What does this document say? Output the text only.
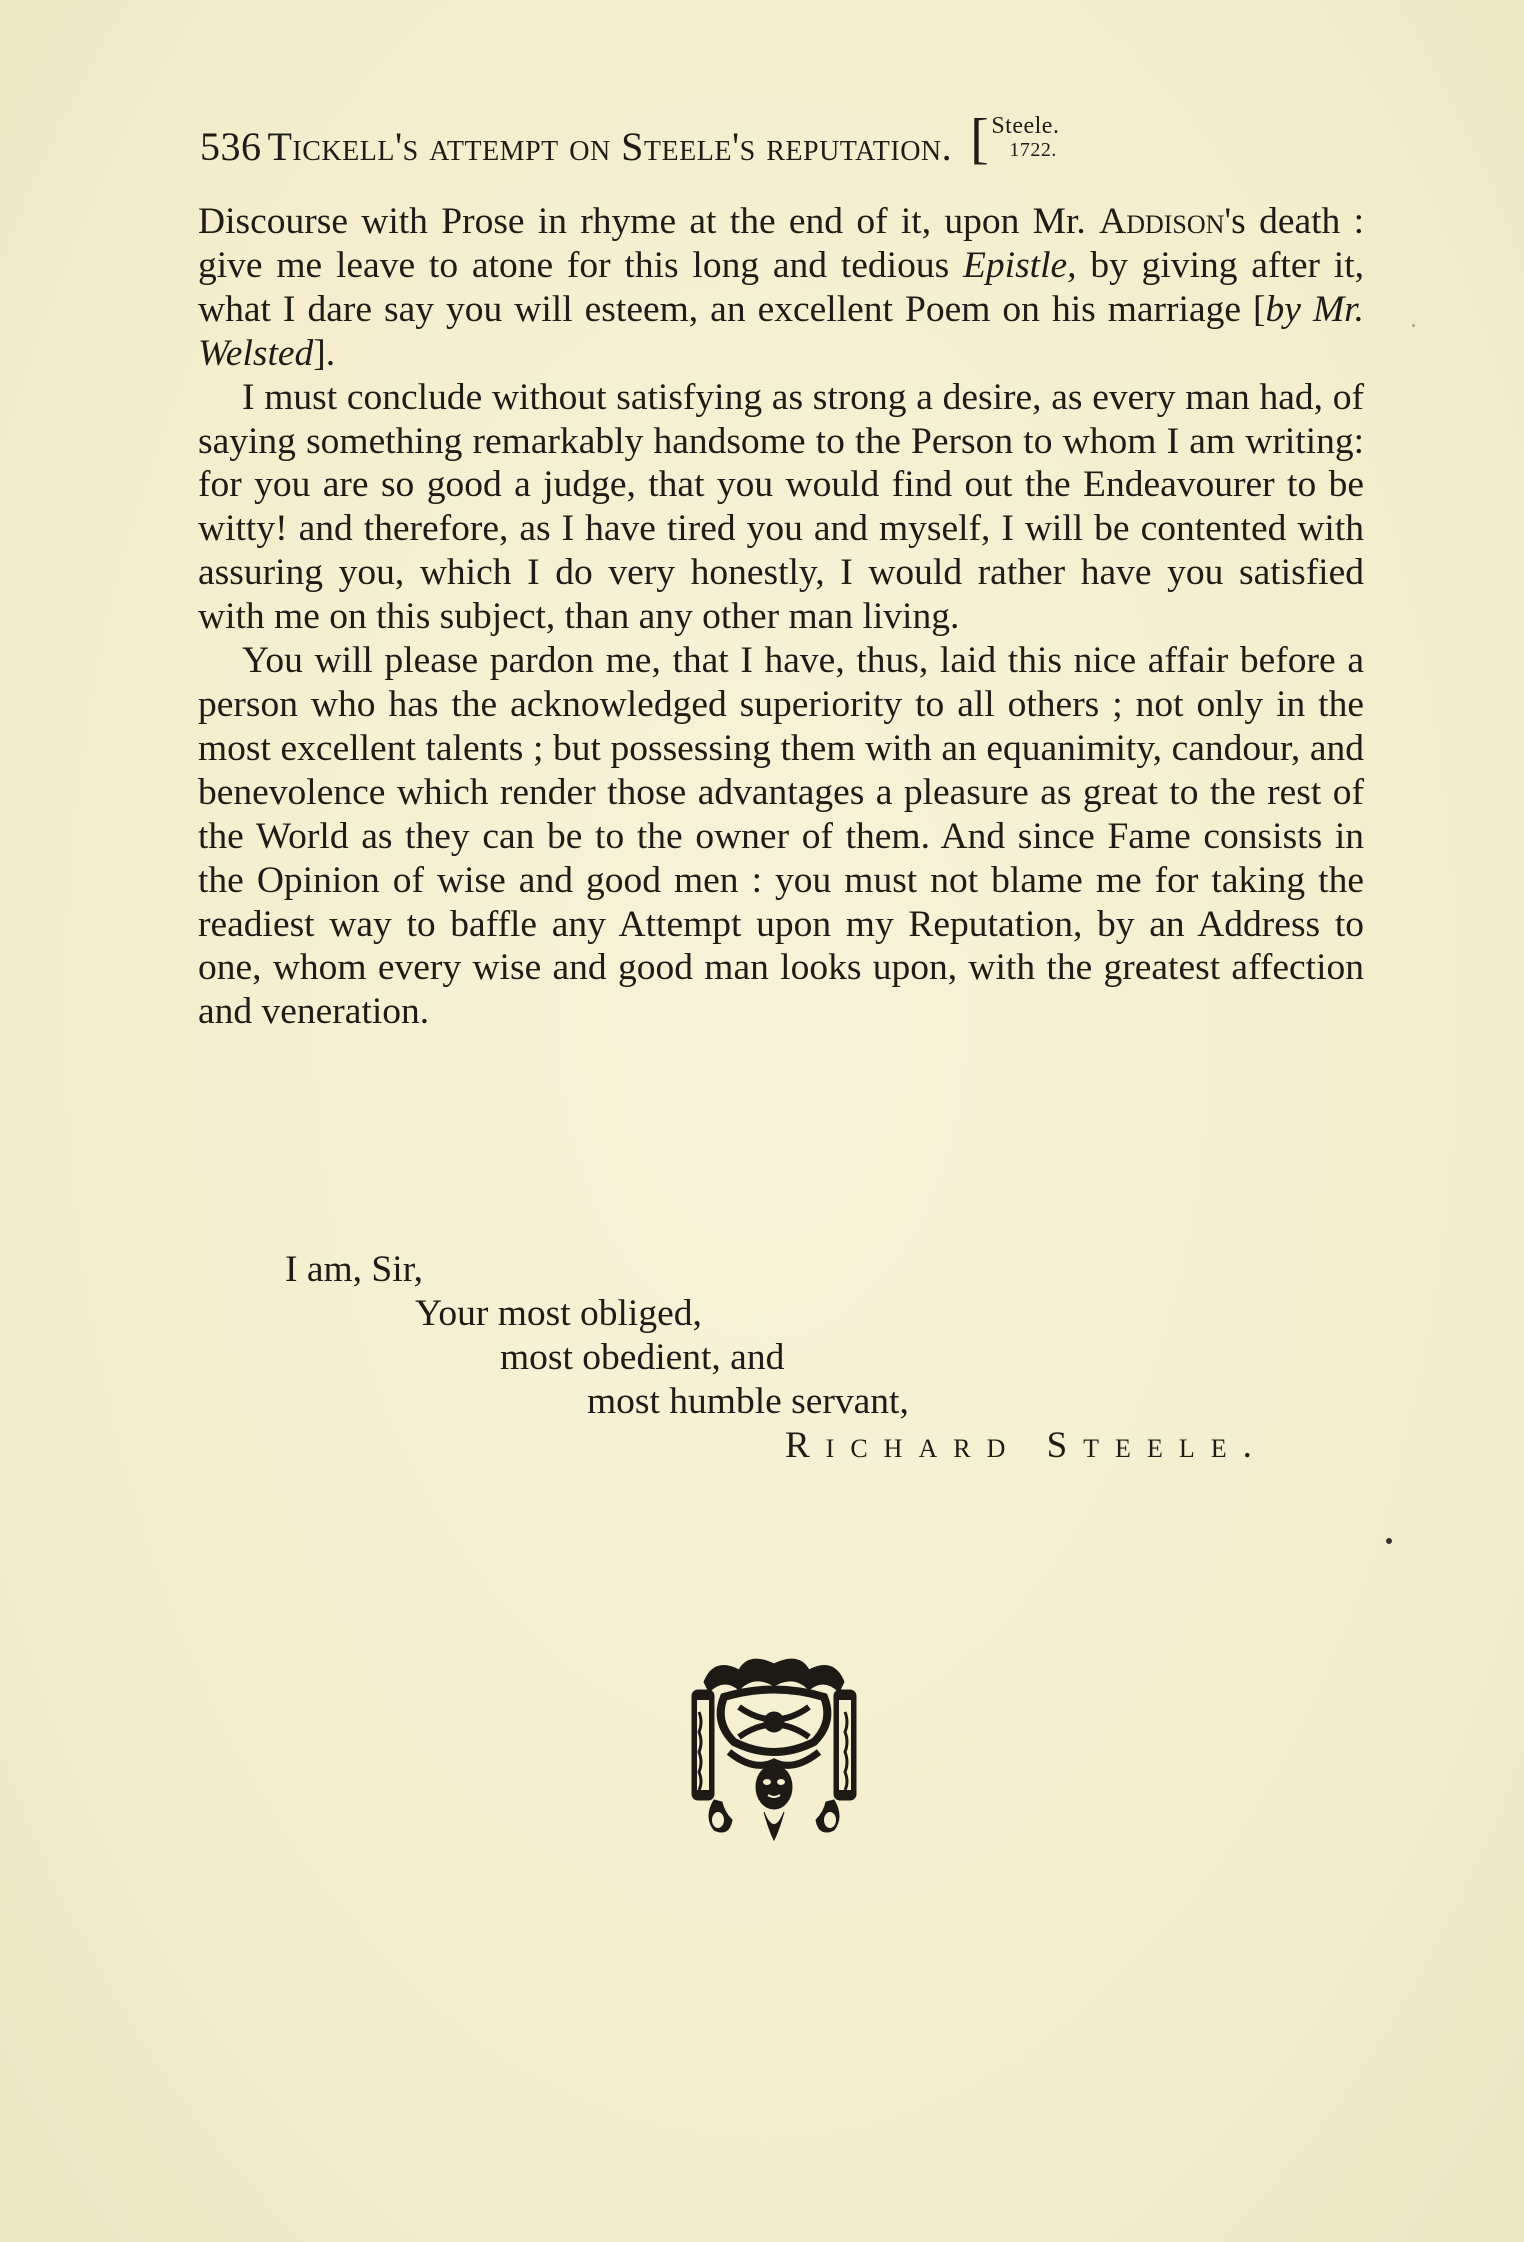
536 Tickell's attempt on Steele's reputation. [ Steele.
1722.

Discourse with Prose in rhyme at the end of it, upon Mr. Addison's death : give me leave to atone for this long and tedious Epistle, by giving after it, what I dare say you will esteem, an excellent Poem on his marriage [by Mr. Welsted].

I must conclude without satisfying as strong a desire, as every man had, of saying something remarkably handsome to the Person to whom I am writing: for you are so good a judge, that you would find out the Endeavourer to be witty! and therefore, as I have tired you and myself, I will be contented with assuring you, which I do very honestly, I would rather have you satisfied with me on this subject, than any other man living.

You will please pardon me, that I have, thus, laid this nice affair before a person who has the acknowledged superiority to all others ; not only in the most excellent talents ; but possessing them with an equanimity, candour, and benevolence which render those advantages a pleasure as great to the rest of the World as they can be to the owner of them. And since Fame consists in the Opinion of wise and good men : you must not blame me for taking the readiest way to baffle any Attempt upon my Reputation, by an Address to one, whom every wise and good man looks upon, with the greatest affection and veneration.

I am, Sir,
Your most obliged,
most obedient, and
most humble servant,
Richard Steele.
